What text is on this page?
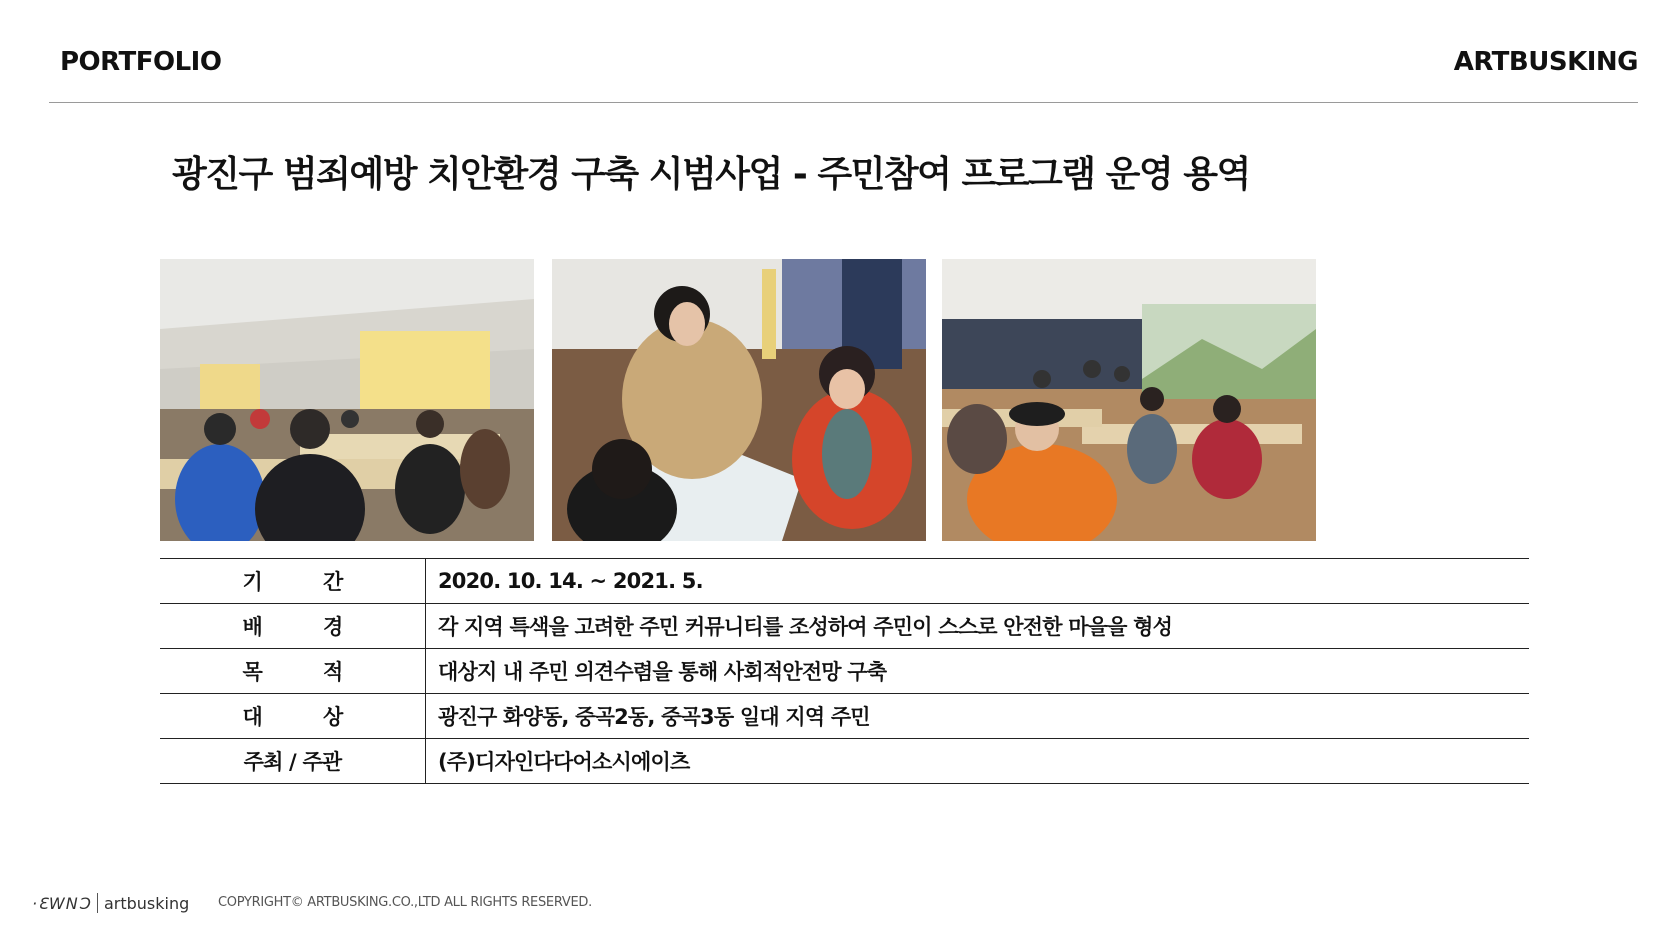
PORTFOLIO	ARTBUSKING
광진구 범죄예방 치안환경 구축 시범사업 - 주민참여 프로그램 운영 용역
기 간	2020. 10. 14. ~ 2021. 5.
배 경	각 지역 특색을 고려한 주민 커뮤니티를 조성하여 주민이 스스로 안전한 마을을 형성
목 적	대상지 내 주민 의견수렴을 통해 사회적안전망 구축
대 상	광진구 화양동, 중곡2동, 중곡3동 일대 지역 주민
주최 / 주관	(주)디자인다다어소시에이츠
·ƐWNƆ artbusking COPYRIGHT© ARTBUSKING.CO.,LTD ALL RIGHTS RESERVED.
